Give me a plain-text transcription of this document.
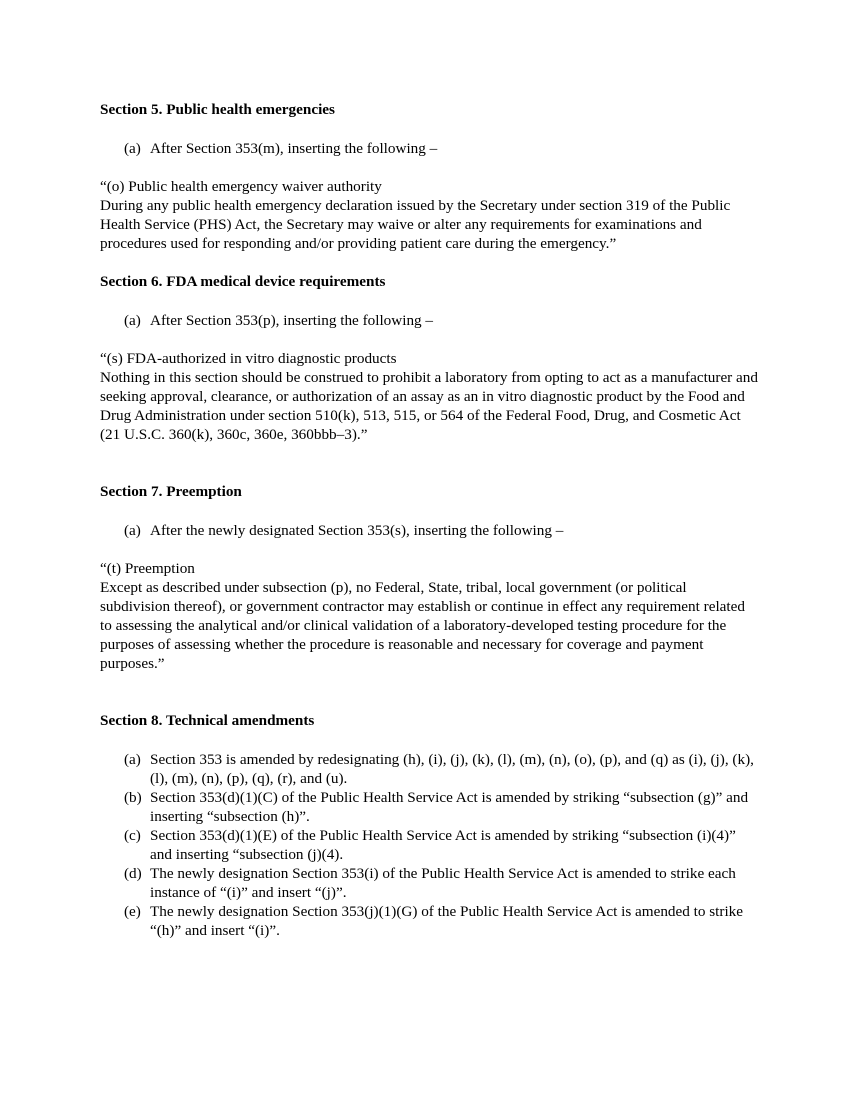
Section 5. Public health emergencies

(a) After Section 353(m), inserting the following –

“(o) Public health emergency waiver authority

During any public health emergency declaration issued by the Secretary under section 319 of the Public Health Service (PHS) Act, the Secretary may waive or alter any requirements for examinations and procedures used for responding and/or providing patient care during the emergency.”

Section 6. FDA medical device requirements

(a) After Section 353(p), inserting the following –

“(s) FDA-authorized in vitro diagnostic products

Nothing in this section should be construed to prohibit a laboratory from opting to act as a manufacturer and seeking approval, clearance, or authorization of an assay as an in vitro diagnostic product by the Food and Drug Administration under section 510(k), 513, 515, or 564 of the Federal Food, Drug, and Cosmetic Act (21 U.S.C. 360(k), 360c, 360e, 360bbb–3).”

Section 7. Preemption

(a) After the newly designated Section 353(s), inserting the following –

“(t) Preemption

Except as described under subsection (p), no Federal, State, tribal, local government (or political subdivision thereof), or government contractor may establish or continue in effect any requirement related to assessing the analytical and/or clinical validation of a laboratory-developed testing procedure for the purposes of assessing whether the procedure is reasonable and necessary for coverage and payment purposes.”

Section 8. Technical amendments

(a) Section 353 is amended by redesignating (h), (i), (j), (k), (l), (m), (n), (o), (p), and (q) as (i), (j), (k), (l), (m), (n), (p), (q), (r), and (u).
(b) Section 353(d)(1)(C) of the Public Health Service Act is amended by striking “subsection (g)” and inserting “subsection (h)”.
(c) Section 353(d)(1)(E) of the Public Health Service Act is amended by striking “subsection (i)(4)” and inserting “subsection (j)(4).
(d) The newly designation Section 353(i) of the Public Health Service Act is amended to strike each instance of “(i)” and insert “(j)”.
(e) The newly designation Section 353(j)(1)(G) of the Public Health Service Act is amended to strike “(h)” and insert “(i)”.
